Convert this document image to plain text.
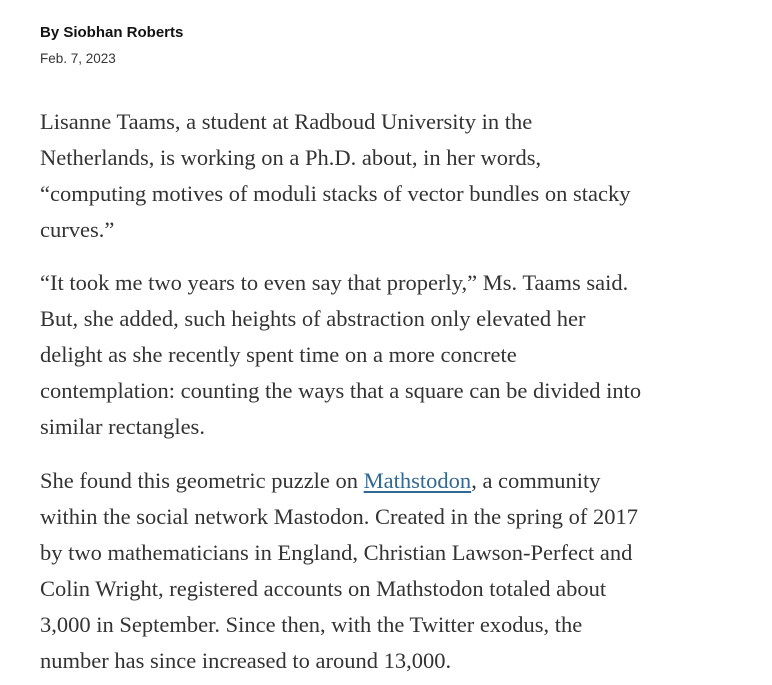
By Siobhan Roberts
Feb. 7, 2023

Lisanne Taams, a student at Radboud University in the
Netherlands, is working on a Ph.D. about, in her words,
“computing motives of moduli stacks of vector bundles on stacky
curves.”

“It took me two years to even say that properly,” Ms. Taams said.
But, she added, such heights of abstraction only elevated her
delight as she recently spent time on a more concrete
contemplation: counting the ways that a square can be divided into
similar rectangles.

She found this geometric puzzle on Mathstodon, a community
within the social network Mastodon. Created in the spring of 2017
by two mathematicians in England, Christian Lawson-Perfect and
Colin Wright, registered accounts on Mathstodon totaled about
3,000 in September. Since then, with the Twitter exodus, the
number has since increased to around 13,000.
